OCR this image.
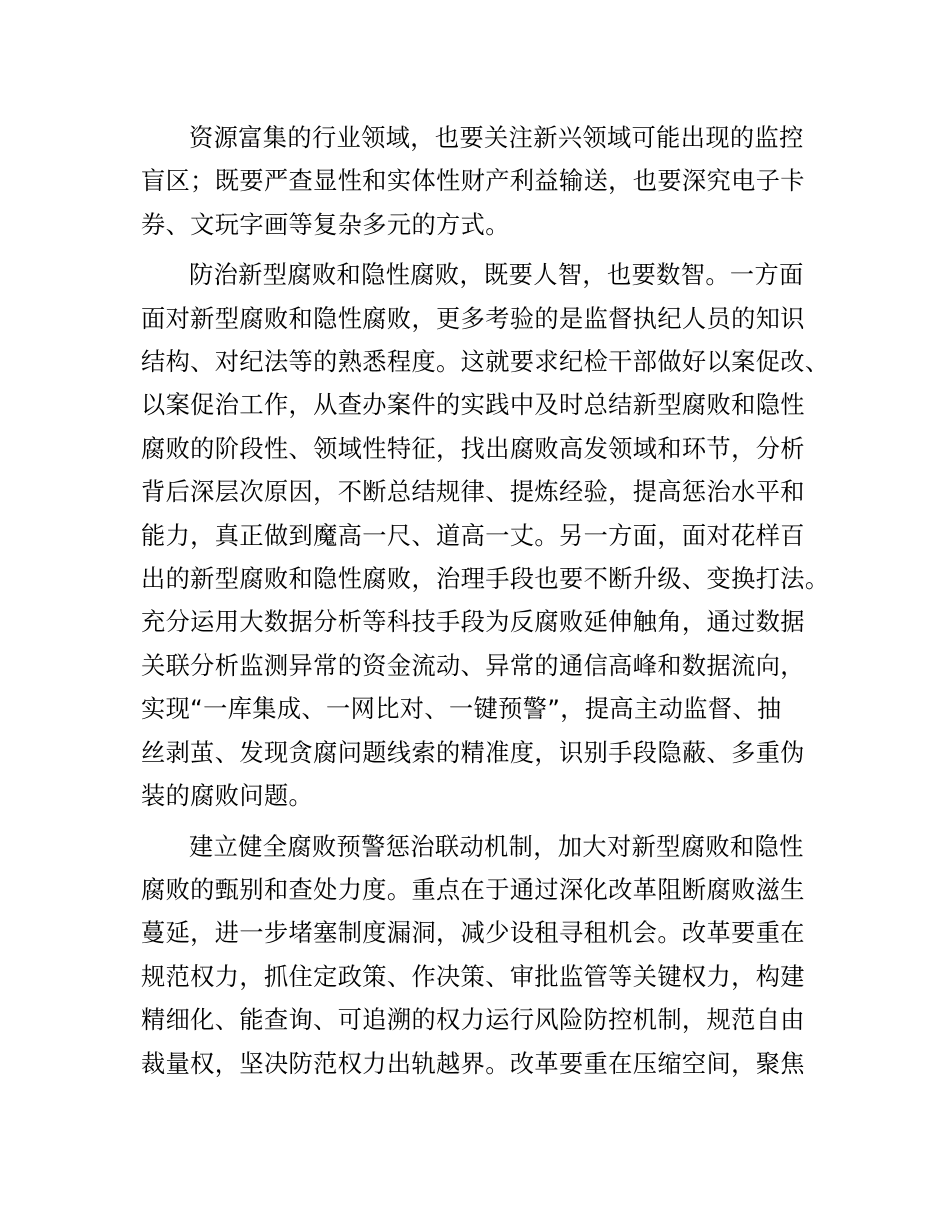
资源富集的行业领域，也要关注新兴领域可能出现的监控
盲区；既要严查显性和实体性财产利益输送，也要深究电子卡
券、文玩字画等复杂多元的方式。
防治新型腐败和隐性腐败，既要人智，也要数智。一方面
面对新型腐败和隐性腐败，更多考验的是监督执纪人员的知识
结构、对纪法等的熟悉程度。这就要求纪检干部做好以案促改、
以案促治工作，从查办案件的实践中及时总结新型腐败和隐性
腐败的阶段性、领域性特征，找出腐败高发领域和环节，分析
背后深层次原因，不断总结规律、提炼经验，提高惩治水平和
能力，真正做到魔高一尺、道高一丈。另一方面，面对花样百
出的新型腐败和隐性腐败，治理手段也要不断升级、变换打法。
充分运用大数据分析等科技手段为反腐败延伸触角，通过数据
关联分析监测异常的资金流动、异常的通信高峰和数据流向，
实现“一库集成、一网比对、一键预警”，提高主动监督、抽
丝剥茧、发现贪腐问题线索的精准度，识别手段隐蔽、多重伪
装的腐败问题。
建立健全腐败预警惩治联动机制，加大对新型腐败和隐性
腐败的甄别和查处力度。重点在于通过深化改革阻断腐败滋生
蔓延，进一步堵塞制度漏洞，减少设租寻租机会。改革要重在
规范权力，抓住定政策、作决策、审批监管等关键权力，构建
精细化、能查询、可追溯的权力运行风险防控机制，规范自由
裁量权，坚决防范权力出轨越界。改革要重在压缩空间，聚焦
